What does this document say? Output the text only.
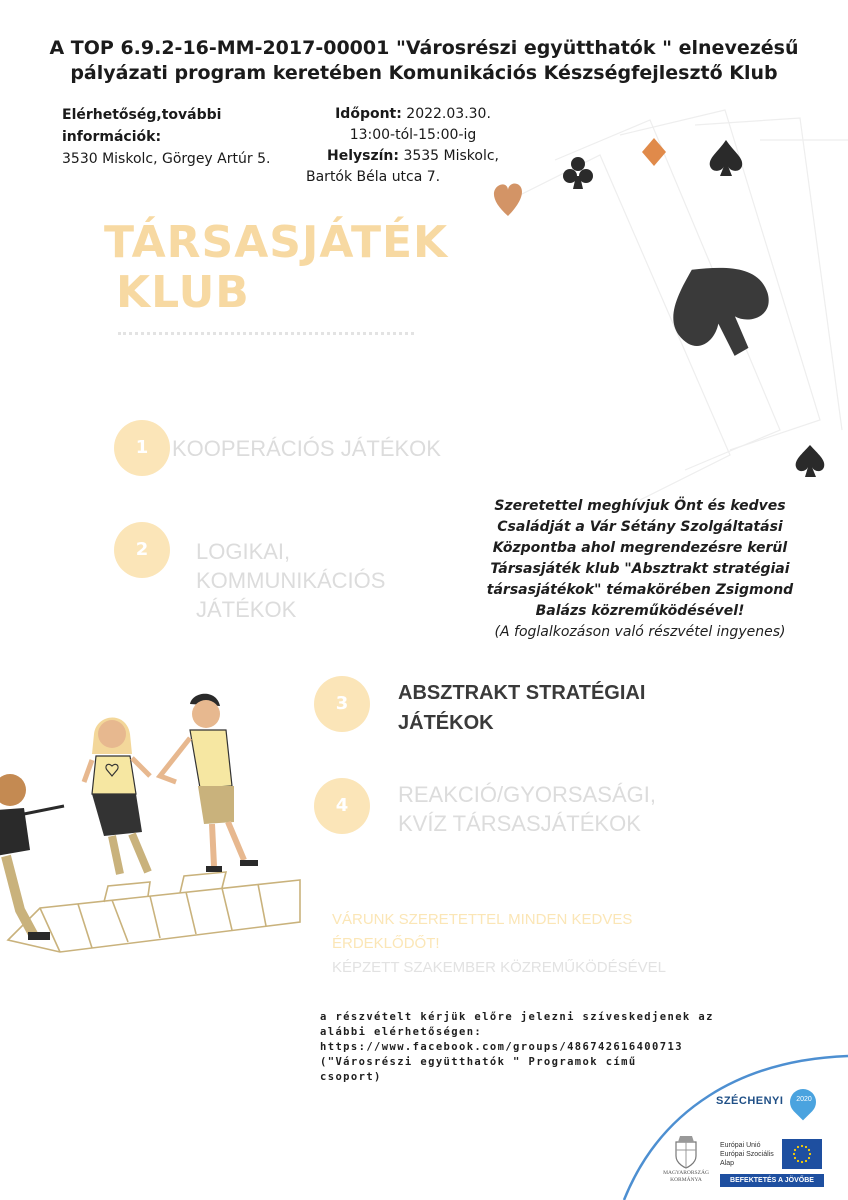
A TOP 6.9.2-16-MM-2017-00001 "Városrészi együtthatók " elnevezésű
pályázati program keretében Komunikációs Készségfejlesztő Klub
Elérhetőség,további
információk:
3530 Miskolc, Görgey Artúr 5.
Időpont: 2022.03.30.
13:00-tól-15:00-ig
Helyszín: 3535 Miskolc,
Bartók Béla utca 7.
TÁRSASJÁTÉK
KLUB
1	KOOPERÁCIÓS JÁTÉKOK
2	LOGIKAI,
KOMMUNIKÁCIÓS
JÁTÉKOK
3	ABSZTRAKT STRATÉGIAI
JÁTÉKOK
4	REAKCIÓ/GYORSASÁGI,
KVÍZ TÁRSASJÁTÉKOK
Szeretettel meghívjuk Önt és kedves
Családját a Vár Sétány Szolgáltatási
Központba ahol megrendezésre kerül
Társasjáték klub "Absztrakt stratégiai
társasjátékok" témakörében Zsigmond
Balázs közreműködésével!
(A foglalkozáson való részvétel ingyenes)
VÁRUNK SZERETETTEL MINDEN KEDVES
ÉRDEKLŐDŐT!
KÉPZETT SZAKEMBER KÖZREMŰKÖDÉSÉVEL
a részvételt kérjük előre jelezni szíveskedjenek az
alábbi elérhetőségen:
https://www.facebook.com/groups/486742616400713
("Városrészi együtthatók " Programok című
csoport)
SZÉCHENYI	2020
MAGYARORSZÁG
KORMÁNYA
Európai Unió
Európai Szociális
Alap
BEFEKTETÉS A JÖVŐBE
